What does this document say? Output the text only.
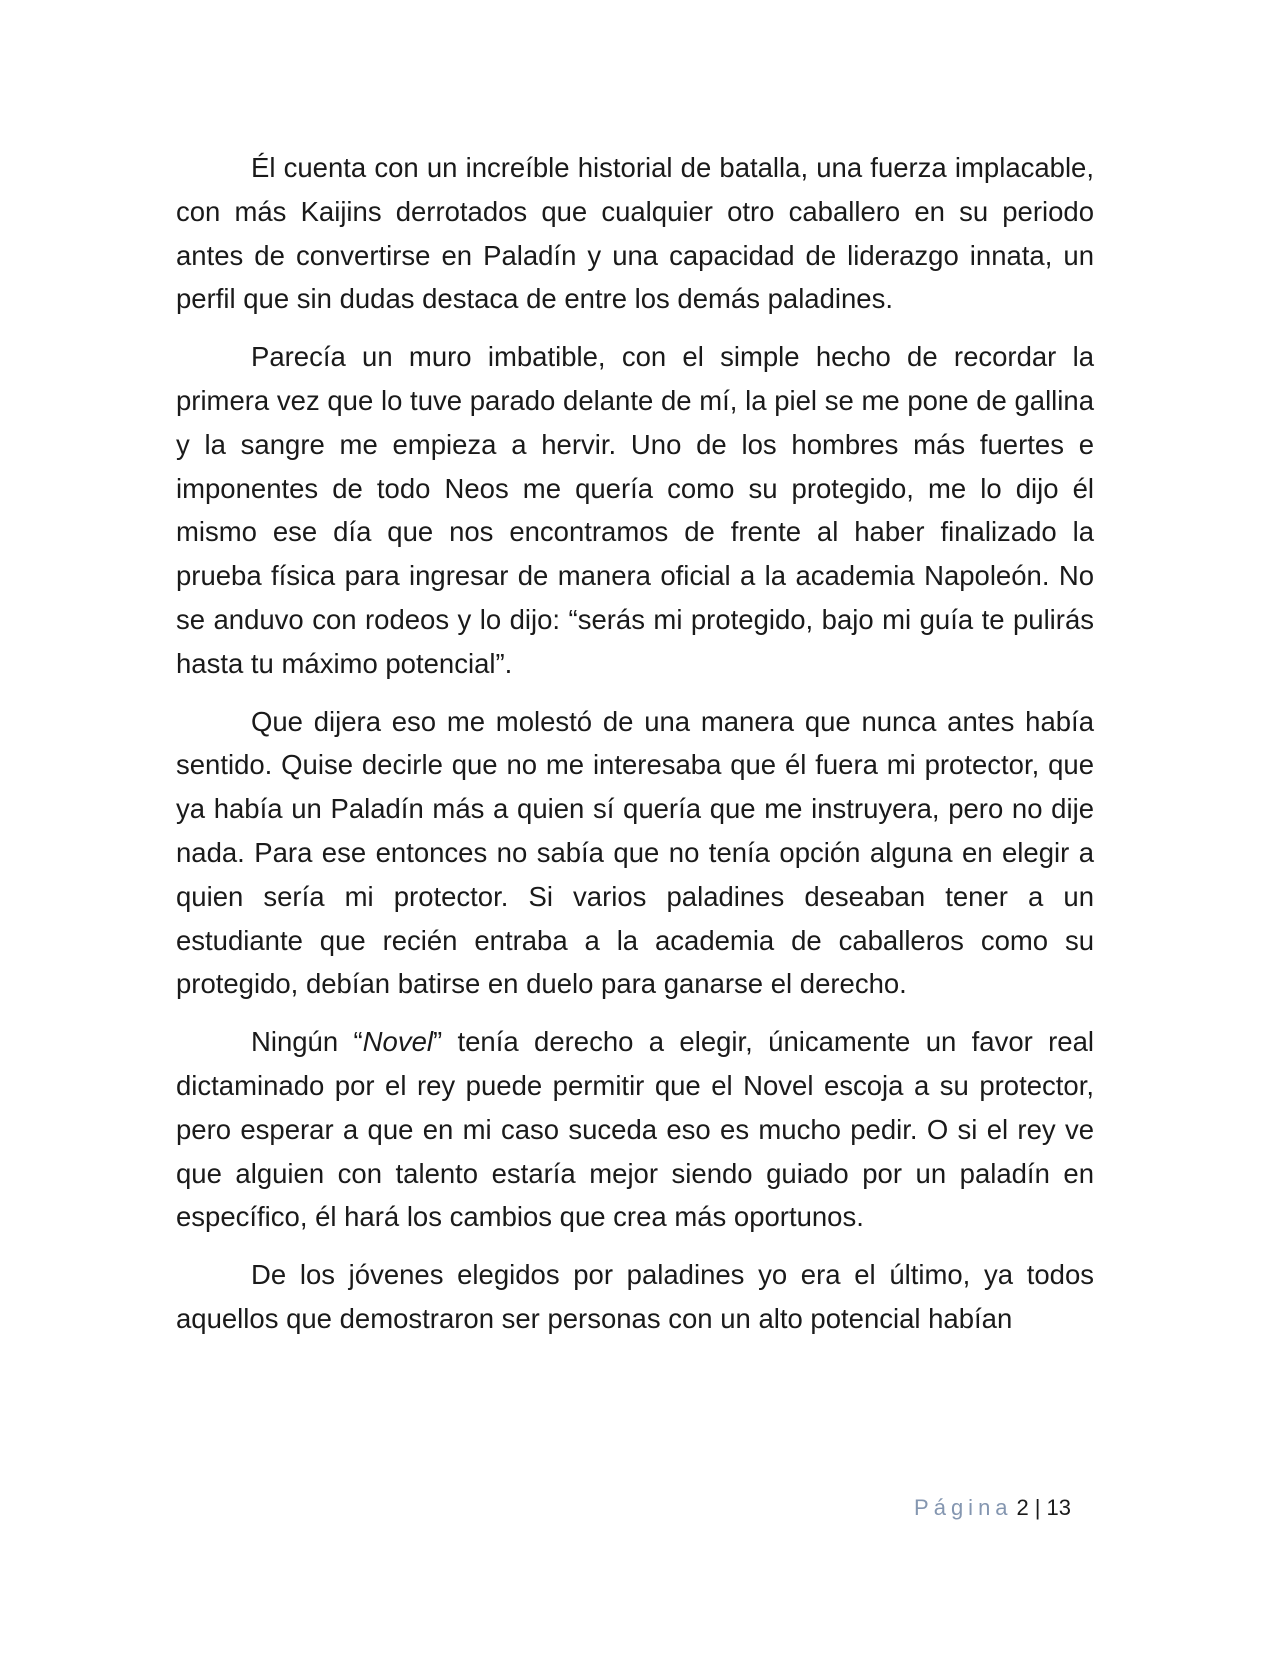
Él cuenta con un increíble historial de batalla, una fuerza implacable, con más Kaijins derrotados que cualquier otro caballero en su periodo antes de convertirse en Paladín y una capacidad de liderazgo innata, un perfil que sin dudas destaca de entre los demás paladines.

Parecía un muro imbatible, con el simple hecho de recordar la primera vez que lo tuve parado delante de mí, la piel se me pone de gallina y la sangre me empieza a hervir. Uno de los hombres más fuertes e imponentes de todo Neos me quería como su protegido, me lo dijo él mismo ese día que nos encontramos de frente al haber finalizado la prueba física para ingresar de manera oficial a la academia Napoleón. No se anduvo con rodeos y lo dijo: “serás mi protegido, bajo mi guía te pulirás hasta tu máximo potencial”.

Que dijera eso me molestó de una manera que nunca antes había sentido. Quise decirle que no me interesaba que él fuera mi protector, que ya había un Paladín más a quien sí quería que me instruyera, pero no dije nada. Para ese entonces no sabía que no tenía opción alguna en elegir a quien sería mi protector. Si varios paladines deseaban tener a un estudiante que recién entraba a la academia de caballeros como su protegido, debían batirse en duelo para ganarse el derecho.

Ningún “Novel” tenía derecho a elegir, únicamente un favor real dictaminado por el rey puede permitir que el Novel escoja a su protector, pero esperar a que en mi caso suceda eso es mucho pedir. O si el rey ve que alguien con talento estaría mejor siendo guiado por un paladín en específico, él hará los cambios que crea más oportunos.

De los jóvenes elegidos por paladines yo era el último, ya todos aquellos que demostraron ser personas con un alto potencial habían

Página 2 | 13
